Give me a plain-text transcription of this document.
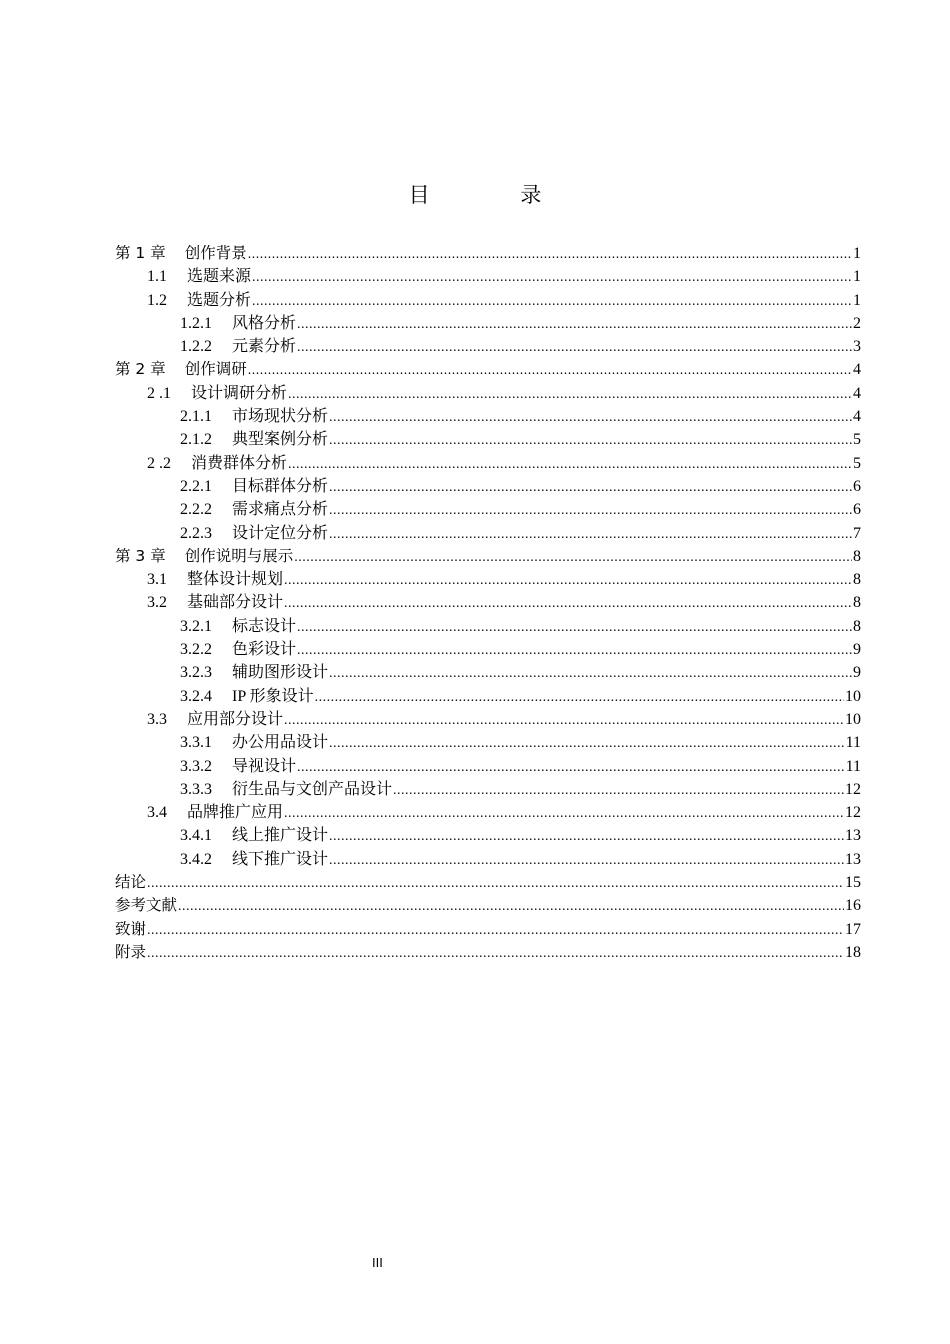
目 录
第 1 章 创作背景 .....	1
1.1 选题来源 .....	1
1.2 选题分析 .....	1
1.2.1 风格分析 .....	2
1.2.2 元素分析 .....	3
第 2 章 创作调研 .....	4
2 .1 设计调研分析 .....	4
2.1.1 市场现状分析 .....	4
2.1.2 典型案例分析 .....	5
2 .2 消费群体分析 .....	5
2.2.1 目标群体分析 .....	6
2.2.2 需求痛点分析 .....	6
2.2.3 设计定位分析 .....	7
第 3 章 创作说明与展示 .....	8
3.1 整体设计规划 .....	8
3.2 基础部分设计 .....	8
3.2.1 标志设计 .....	8
3.2.2 色彩设计 .....	9
3.2.3 辅助图形设计 .....	9
3.2.4 IP 形象设计 .....	10
3.3 应用部分设计 .....	10
3.3.1 办公用品设计 .....	11
3.3.2 导视设计 .....	11
3.3.3 衍生品与文创产品设计 .....	12
3.4 品牌推广应用 .....	12
3.4.1 线上推广设计 .....	13
3.4.2 线下推广设计 .....	13
结论 .....	15
参考文献 .....	16
致谢 .....	17
附录 .....	18
III
